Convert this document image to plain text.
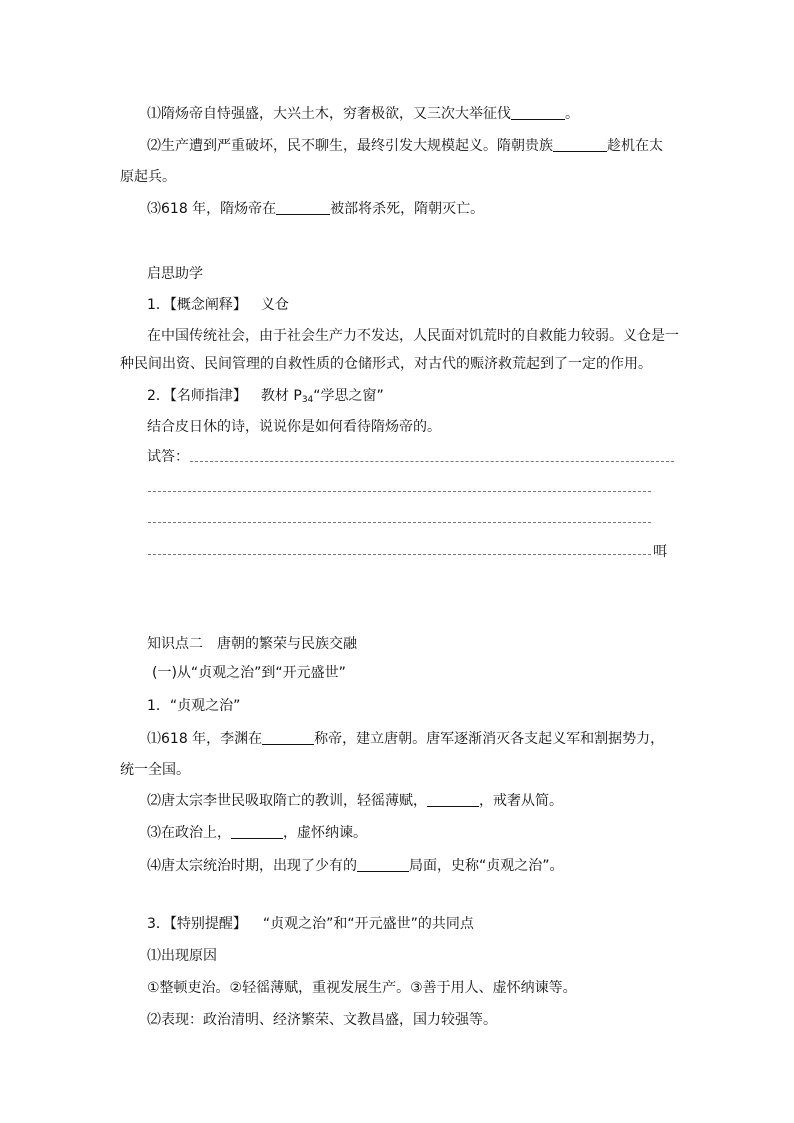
⑴隋炀帝自恃强盛，大兴土木，穷奢极欲，又三次大举征伐	。
⑵生产遭到严重破坏，民不聊生，最终引发大规模起义。隋朝贵族	趁机在太
原起兵。
⑶618 年，隋炀帝在	被部将杀死，隋朝灭亡。
启思助学
1．【概念阐释】 义仓
在中国传统社会，由于社会生产力不发达，人民面对饥荒时的自救能力较弱。义仓是一
种民间出资、民间管理的自救性质的仓储形式，对古代的赈济救荒起到了一定的作用。
2．【名师指津】 教材 $P_{34}“$学思之窗”
结合皮日休的诗，说说你是如何看待隋炀帝的。
试答：
咡
知识点二　唐朝的繁荣与民族交融
(一)从“贞观之治”到“开元盛世”
1．“贞观之治”
⑴618 年，李渊在	称帝，建立唐朝。唐军逐渐消灭各支起义军和割据势力，
统一全国。
⑵唐太宗李世民吸取隋亡的教训，轻徭薄赋，	，戒奢从简。
⑶在政治上，	，虚怀纳谏。
⑷唐太宗统治时期，出现了少有的	局面，史称“贞观之治”。
3．【特别提醒】 “贞观之治”和“开元盛世”的共同点
⑴出现原因
①整顿吏治。②轻徭薄赋，重视发展生产。③善于用人、虚怀纳谏等。
⑵表现：政治清明、经济繁荣、文教昌盛，国力较强等。
